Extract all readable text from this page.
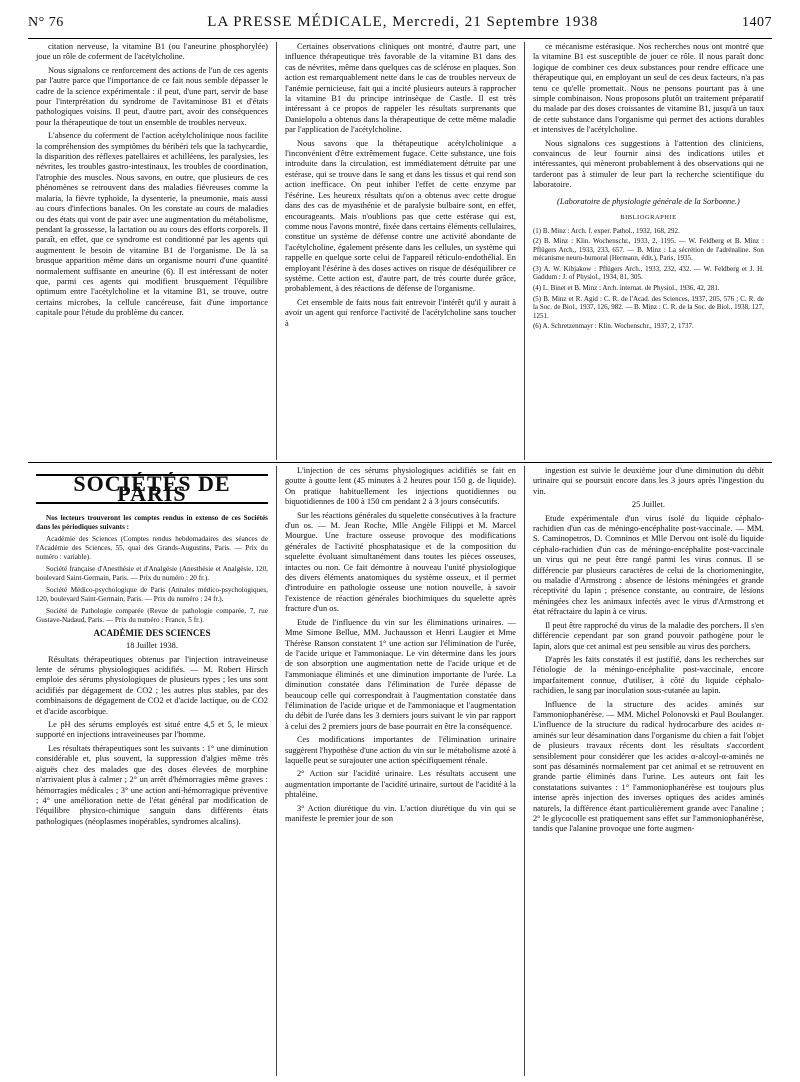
N° 76	LA PRESSE MÉDICALE, Mercredi, 21 Septembre 1938	1407

citation nerveuse, la vitamine B1 (ou l'aneurine phosphorylée) joue un rôle de coferment de l'acétylcholine.

Nous signalons ce renforcement des actions de l'un de ces agents par l'autre parce que l'importance de ce fait nous semble dépasser le cadre de la science expérimentale : il peut, d'une part, servir de base pour l'interprétation du syndrome de l'avitaminose B1 et d'états pathologiques voisins. Il peut, d'autre part, avoir des conséquences pour la thérapeutique de tout un ensemble de troubles nerveux.

L'absence du coferment de l'action acétylcholinique nous facilite la compréhension des symptômes du béribéri tels que la tachycardie, la disparition des réflexes patellaires et achilléens, les paralysies, les névrites, les troubles gastro-intestinaux, les troubles de coordination, l'atrophie des muscles. Nous savons, en outre, que plusieurs de ces phénomènes se retrouvent dans des maladies fiévreuses comme la malaria, la fièvre typhoïde, la dysenterie, la pneumonie, mais aussi au cours d'infections banales. On les constate au cours de maladies ou des états qui vont de pair avec une augmentation du métabolisme, pendant la grossesse, la lactation ou au cours des efforts corporels. Il paraît, en effet, que ce syndrome est conditionné par les agents qui augmentent le besoin de vitamine B1 de l'organisme. De là sa brusque apparition même dans un organisme nourri d'une quantité normalement suffisante en aneurine (6). Il est intéressant de noter que, parmi ces agents qui modifient brusquement l'équilibre optimum entre l'acétylcholine et la vitamine B1, se trouve, outre certains microbes, la cellule cancéreuse, fait d'une importance capitale pour l'étude du problème du cancer.

Certaines observations cliniques ont montré, d'autre part, une influence thérapeutique très favorable de la vitamine B1 dans des cas de névrites, même dans quelques cas de sclérose en plaques. Son action est remarquablement nette dans le cas de troubles nerveux de l'anémie pernicieuse, fait qui a incité plusieurs auteurs à rapprocher la vitamine B1 du principe intrinsèque de Castle. Il est très intéressant à ce propos de rappeler les résultats surprenants que Danielopolu a obtenus dans la thérapeutique de cette même maladie par l'application de l'acétylcholine.

Nous savons que la thérapeutique acétylcholinique a l'inconvénient d'être extrêmement fugace. Cette substance, une fois introduite dans la circulation, est immédiatement détruite par une estérase, qui se trouve dans le sang et dans les tissus et qui rend son action inefficace. On peut inhiber l'effet de cette enzyme par l'ésérine. Les heureux résultats qu'on a obtenus avec cette drogue dans des cas de myasthénie et de paralysie bulbaire sont, en effet, encourageants. Mais n'oublions pas que cette estérase qui est, comme nous l'avons montré, fixée dans certains éléments cellulaires, constitue un système de défense contre une activité abondante de l'acétylcholine, également présente dans les cellules, un système qui rappelle en quelque sorte celui de l'appareil réticulo-endothélial. En employant l'ésérine à des doses actives on risque de déséquilibrer ce système. Cette action est, d'autre part, de très courte durée grâce, probablement, à des réactions de défense de l'organisme.

Cet ensemble de faits nous fait entrevoir l'intérêt qu'il y aurait à avoir un agent qui renforce l'activité de l'acétylcholine sans toucher à

ce mécanisme estérasique. Nos recherches nous ont montré que la vitamine B1 est susceptible de jouer ce rôle. Il nous paraît donc logique de combiner ces deux substances pour rendre efficace une thérapeutique qui, en employant un seul de ces deux facteurs, n'a pas tenu ce qu'elle promettait. Nous ne pensons pourtant pas à une simple combinaison. Nous proposons plutôt un traitement préparatif du malade par des doses croissantes de vitamine B1, jusqu'à un taux de cette substance dans l'organisme qui permet des actions durables et intensives de l'acétylcholine.

Nous signalons ces suggestions à l'attention des cliniciens, convaincus de leur fournir ainsi des indications utiles et intéressantes, qui mèneront probablement à des observations qui ne tarderont pas à stimuler de leur part la recherche scientifique du laboratoire.

(Laboratoire de physiologie générale de la Sorbonne.)

BIBLIOGRAPHIE

(1) B. Minz : Arch. f. exper. Pathol., 1932, 168, 292.

(2) B. Minz : Klin. Wochenschr., 1933, 2, 1195. — W. Feldberg et B. Minz : Pflügers Arch., 1933, 233, 657. — B. Minz : La sécrétion de l'adrénaline. Son mécanisme neuro-humoral (Hermann, édit.), Paris, 1935.

(3) A. W. Kibjakow : Pflügers Arch., 1933, 232, 432. — W. Feldberg et J. H. Gaddum : J. of Physiol., 1934, 81, 305.

(4) L. Binet et B. Minz : Arch. internat. de Physiol., 1936, 42, 281.

(5) B. Minz et R. Agid : C. R. de l'Acad. des Sciences, 1937, 205, 576 ; C. R. de la Soc. de Biol., 1937, 126, 982. — B. Minz : C. R. de la Soc. de Biol., 1938, 127, 1251.

(6) A. Schretzenmayr : Klin. Wochenschr., 1937, 2, 1737.

SOCIÉTÉS DE PARIS

Nos lecteurs trouveront les comptes rendus in extenso de ces Sociétés dans les périodiques suivants :

Académie des Sciences (Comptes rendus hebdomadaires des séances de l'Académie des Sciences, 55, quai des Grands-Augustins, Paris. — Prix du numéro : variable).

Société française d'Anesthésie et d'Analgésie (Anesthésie et Analgésie, 120, boulevard Saint-Germain, Paris. — Prix du numéro : 20 fr.).

Société Médico-psychologique de Paris (Annales médico-psychologiques, 120, boulevard Saint-Germain, Paris. — Prix du numéro : 24 fr.).

Société de Pathologie comparée (Revue de pathologie comparée, 7, rue Gustave-Nadaud, Paris. — Prix du numéro : France, 5 fr.).

ACADÉMIE DES SCIENCES

18 Juillet 1938.

Résultats thérapeutiques obtenus par l'injection intraveineuse lente de sérums physiologiques acidifiés. — M. Robert Hirsch emploie des sérums physiologiques de plusieurs types ; les uns sont acidifiés par dégagement de CO2 ; les autres plus stables, par des combinaisons de dégagement de CO2 et d'acide lactique, ou de CO2 et d'acide ascorbique.

Le pH des sérums employés est situé entre 4,5 et 5, le mieux supporté en injections intraveineuses par l'homme.

Les résultats thérapeutiques sont les suivants : 1° une diminution considérable et, plus souvent, la suppression d'algies même très aiguës chez des malades que des doses élevées de morphine n'arrivaient plus à calmer ; 2° un arrêt d'hémorragies même graves : hémorragies médicales ; 3° une action anti-hémorragique préventive ; 4° une amélioration nette de l'état général par modification de l'équilibre physico-chimique sanguin dans différents états pathologiques (néoplasmes inopérables, syndromes alcalins).

L'injection de ces sérums physiologiques acidifiés se fait en goutte à goutte lent (45 minutes à 2 heures pour 150 g. de liquide). On pratique habituellement les injections quotidiennes ou biquotidiennes de 100 à 150 cm pendant 2 à 3 jours consécutifs.

Sur les réactions générales du squelette consécutives à la fracture d'un os. — M. Jean Roche, Mlle Angèle Filippi et M. Marcel Mourgue. Une fracture osseuse provoque des modifications générales de l'activité phosphatasique et de la composition du squelette évoluant simultanément dans toutes les pièces osseuses, intactes ou non. Ce fait démontre à nouveau l'unité physiologique des divers éléments anatomiques du système osseux, et il permet d'introduire en pathologie osseuse une notion nouvelle, à savoir l'existence de réaction générales biochimiques du squelette après fracture d'un os.

Etude de l'influence du vin sur les éliminations urinaires. — Mme Simone Bellue, MM. Juchausson et Henri Laugier et Mme Thérèse Ranson constatent 1° une action sur l'élimination de l'urée, de l'acide urique et l'ammoniaque. Le vin détermine dans les jours de son absorption une augmentation nette de l'acide urique et de l'ammoniaque éliminés et une diminution importante de l'urée. La diminution constatée dans l'élimination de l'urée dépasse de beaucoup celle qui correspondrait à l'augmentation constatée dans l'élimination de l'acide urique et de l'ammoniaque et l'augmentation du débit de l'urée dans les 3 derniers jours suivant le vin par rapport à celui des 2 premiers jours de base pourrait en être la conséquence.

Ces modifications importantes de l'élimination urinaire suggèrent l'hypothèse d'une action du vin sur le métabolisme azoté à laquelle peut se surajouter une action spécifiquement rénale.

2° Action sur l'acidité urinaire. Les résultats accusent une augmentation importante de l'acidité urinaire, surtout de l'acidité à la phtaléine.

3° Action diurétique du vin. L'action diurétique du vin qui se manifeste le premier jour de son

ingestion est suivie le deuxième jour d'une diminution du débit urinaire qui se poursuit encore dans les 3 jours après l'ingestion du vin.

25 Juillet.

Etude expérimentale d'un virus isolé du liquide céphalo-rachidien d'un cas de méningo-encéphalite post-vaccinale. — MM. S. Caminopetros, D. Comninos et Mlle Dervou ont isolé du liquide céphalo-rachidien d'un cas de méningo-encéphalite post-vaccinale un virus qui ne peut être rangé parmi les virus connus. Il se différencie par plusieurs caractères de celui de la choriomeningite, ou maladie d'Armstrong : absence de lésions méningées et grande réceptivité du lapin ; présence constante, au contraire, de lésions méningées chez les animaux infectés avec le virus d'Armstrong et état réfractaire du lapin à ce virus.

Il peut être rapproché du virus de la maladie des porchers. Il s'en différencie cependant par son grand pouvoir pathogène pour le lapin, alors que cet animal est peu sensible au virus des porchers.

D'après les faits constatés il est justifié, dans les recherches sur l'étiologie de la méningo-encéphalite post-vaccinale, encore imparfaitement connue, d'utiliser, à côté du liquide céphalo-rachidien, le sang par inoculation sous-cutanée au lapin.

Influence de la structure des acides aminés sur l'ammoniophanérèse. — MM. Michel Polonovski et Paul Boulanger. L'influence de la structure du radical hydrocarbure des acides α-aminés sur leur désamination dans l'organisme du chien a fait l'objet de plusieurs travaux récents dont les résultats s'accordent sensiblement pour considérer que les acides α-alcoyl-α-aminés ne sont pas désaminés normalement par cet animal et se retrouvent en grande partie éliminés dans l'urine. Les auteurs ont fait les constatations suivantes : 1° l'ammoniophanérèse est toujours plus intense après injection des inverses optiques des acides aminés naturels, la différence étant particulièrement grande avec l'analine ; 2° le glycocolle est pratiquement sans effet sur l'ammoniophanérèse, tandis que l'alanine provoque une forte augmen-
